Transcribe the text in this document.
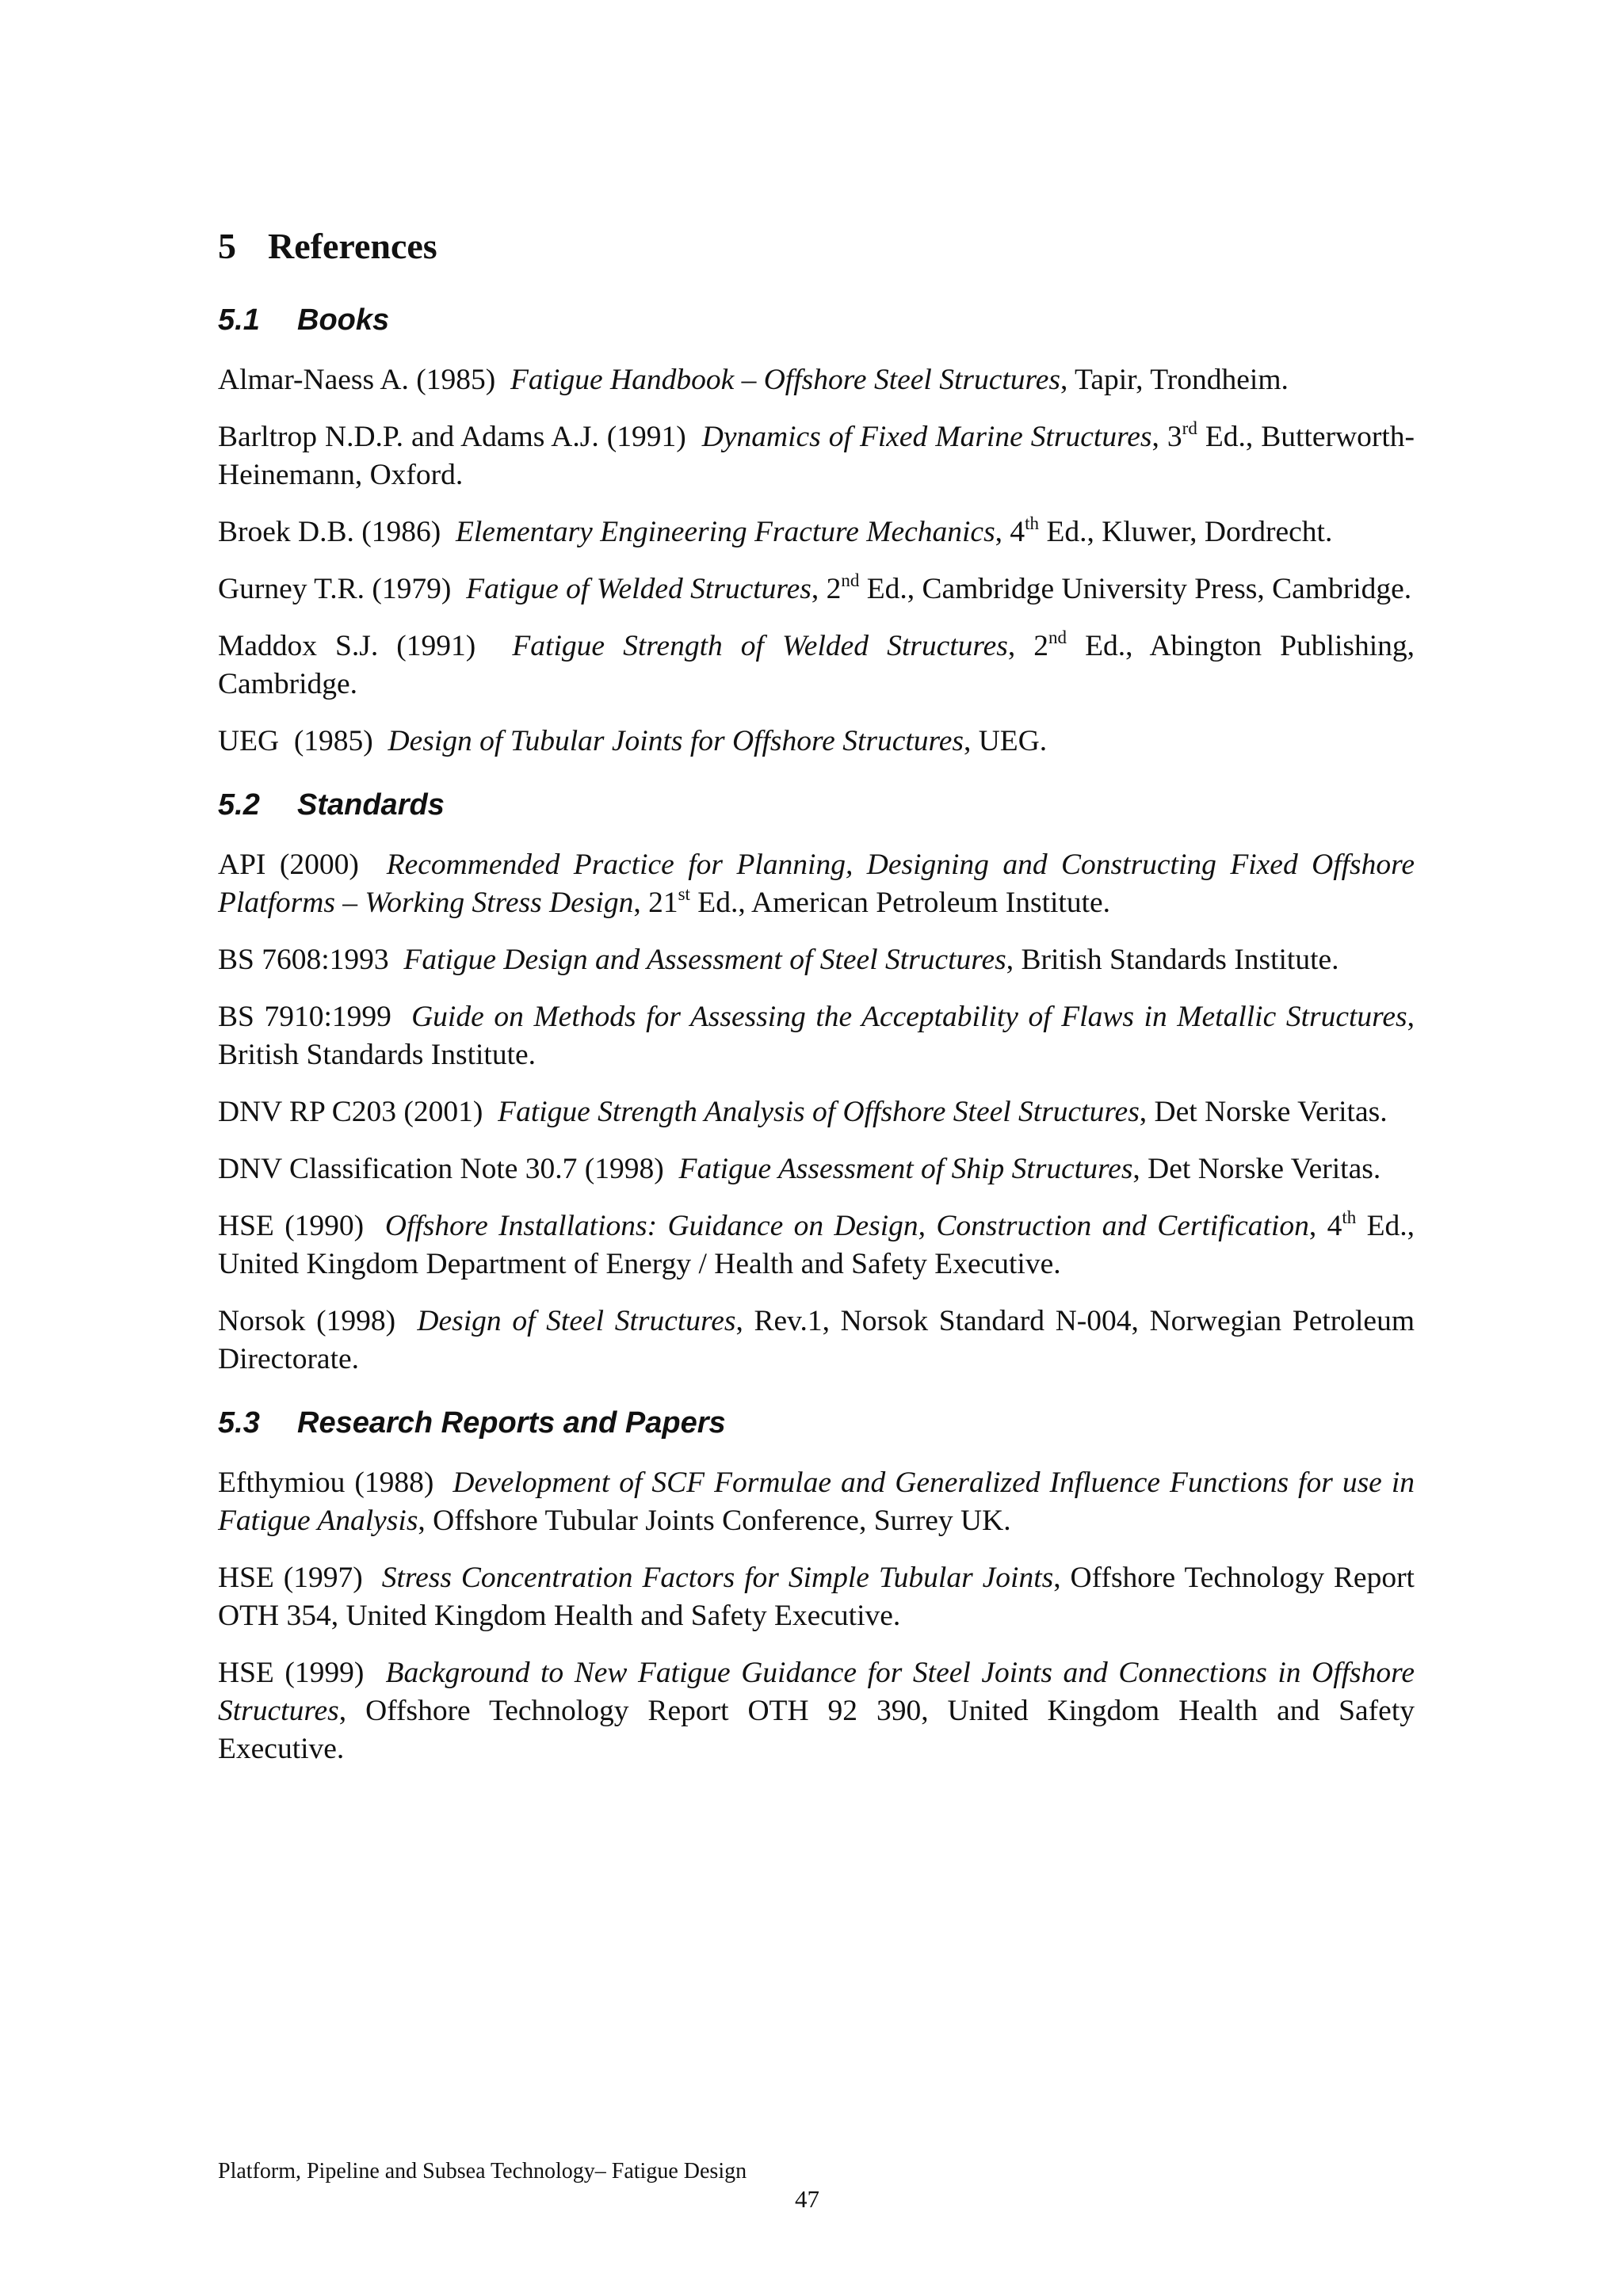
5 References
5.1	Books

Almar-Naess A. (1985)  Fatigue Handbook – Offshore Steel Structures, Tapir, Trondheim.

Barltrop N.D.P. and Adams A.J. (1991)  Dynamics of Fixed Marine Structures, 3rd Ed., Butterworth-Heinemann, Oxford.

Broek D.B. (1986)  Elementary Engineering Fracture Mechanics, 4th Ed., Kluwer, Dordrecht.

Gurney T.R. (1979)  Fatigue of Welded Structures, 2nd Ed., Cambridge University Press, Cambridge.

Maddox S.J. (1991)  Fatigue Strength of Welded Structures, 2nd Ed., Abington Publishing, Cambridge.

UEG  (1985)  Design of Tubular Joints for Offshore Structures, UEG.

5.2	Standards

API (2000)  Recommended Practice for Planning, Designing and Constructing Fixed Offshore Platforms – Working Stress Design, 21st Ed., American Petroleum Institute.

BS 7608:1993  Fatigue Design and Assessment of Steel Structures, British Standards Institute.

BS 7910:1999  Guide on Methods for Assessing the Acceptability of Flaws in Metallic Structures, British Standards Institute.

DNV RP C203 (2001)  Fatigue Strength Analysis of Offshore Steel Structures, Det Norske Veritas.

DNV Classification Note 30.7 (1998)  Fatigue Assessment of Ship Structures, Det Norske Veritas.

HSE (1990)  Offshore Installations: Guidance on Design, Construction and Certification, 4th Ed., United Kingdom Department of Energy / Health and Safety Executive.

Norsok (1998)  Design of Steel Structures, Rev.1, Norsok Standard N-004, Norwegian Petroleum Directorate.

5.3	Research Reports and Papers

Efthymiou (1988)  Development of SCF Formulae and Generalized Influence Functions for use in Fatigue Analysis, Offshore Tubular Joints Conference, Surrey UK.

HSE (1997)  Stress Concentration Factors for Simple Tubular Joints, Offshore Technology Report OTH 354, United Kingdom Health and Safety Executive.

HSE (1999)  Background to New Fatigue Guidance for Steel Joints and Connections in Offshore Structures, Offshore Technology Report OTH 92 390, United Kingdom Health and Safety Executive.

Platform, Pipeline and Subsea Technology– Fatigue Design
47
